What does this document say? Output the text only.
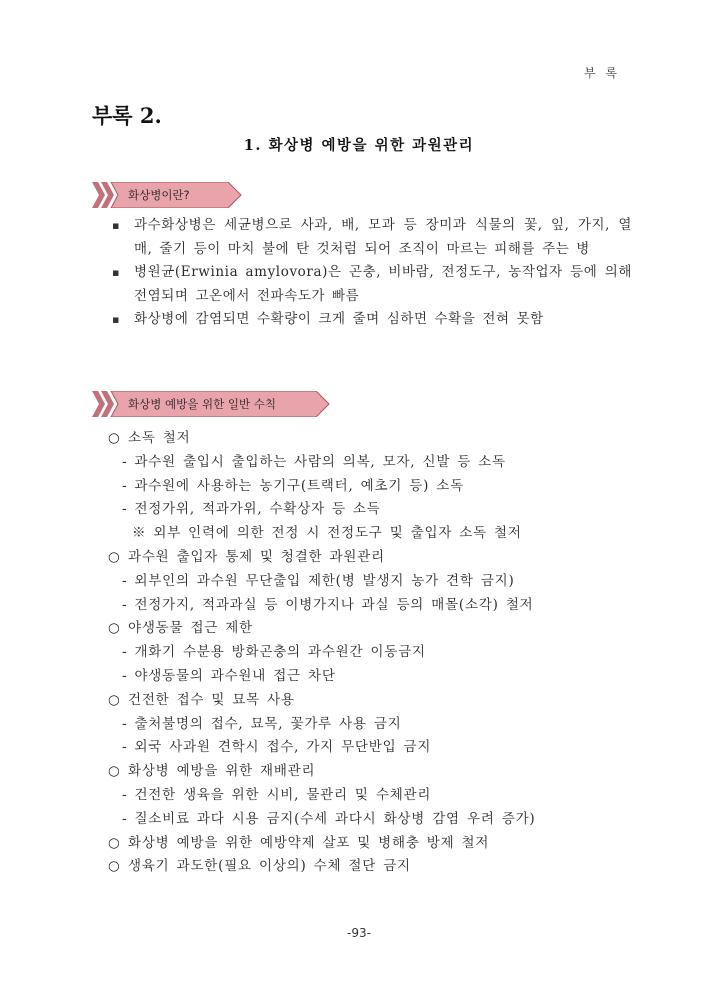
부 록
부록 2.
1. 화상병 예방을 위한 과원관리
화상병이란?
▪ 과수화상병은 세균병으로 사과, 배, 모과 등 장미과 식물의 꽃, 잎, 가지, 열매, 줄기 등이 마치 불에 탄 것처럼 되어 조직이 마르는 피해를 주는 병
▪ 병원균(Erwinia amylovora)은 곤충, 비바람, 전정도구, 농작업자 등에 의해 전염되며 고온에서 전파속도가 빠름
▪ 화상병에 감염되면 수확량이 크게 줄며 심하면 수확을 전혀 못함
화상병 예방을 위한 일반 수칙
○ 소독 철저
- 과수원 출입시 출입하는 사람의 의복, 모자, 신발 등 소독
- 과수원에 사용하는 농기구(트랙터, 예초기 등) 소독
- 전정가위, 적과가위, 수확상자 등 소득
※ 외부 인력에 의한 전정 시 전정도구 및 출입자 소독 철저
○ 과수원 출입자 통제 및 청결한 과원관리
- 외부인의 과수원 무단출입 제한(병 발생지 농가 견학 금지)
- 전정가지, 적과과실 등 이병가지나 과실 등의 매몰(소각) 철저
○ 야생동물 접근 제한
- 개화기 수분용 방화곤충의 과수원간 이동금지
- 야생동물의 과수원내 접근 차단
○ 건전한 접수 및 묘목 사용
- 출처불명의 접수, 묘목, 꽃가루 사용 금지
- 외국 사과원 견학시 접수, 가지 무단반입 금지
○ 화상병 예방을 위한 재배관리
- 건전한 생육을 위한 시비, 물관리 및 수체관리
- 질소비료 과다 시용 금지(수세 과다시 화상병 감염 우려 증가)
○ 화상병 예방을 위한 예방약제 살포 및 병해충 방제 철저
○ 생육기 과도한(필요 이상의) 수체 절단 금지
-93-
